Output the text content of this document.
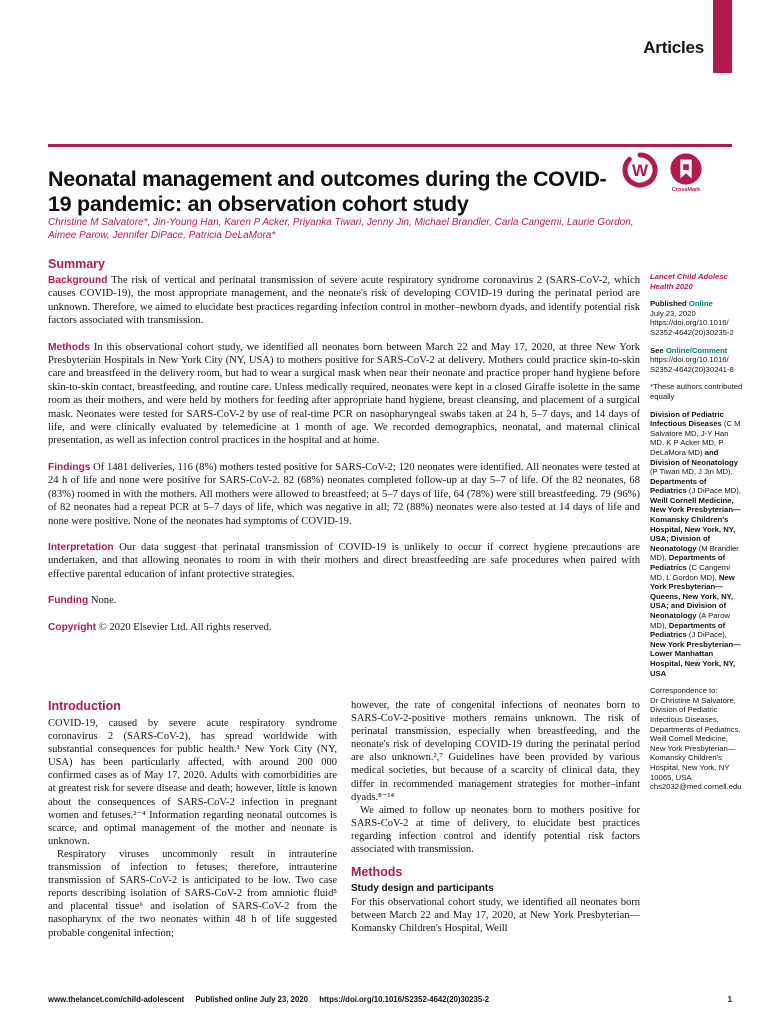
Articles
Neonatal management and outcomes during the COVID-19 pandemic: an observation cohort study
W
CrossMark
Christine M Salvatore*, Jin-Young Han, Karen P Acker, Priyanka Tiwari, Jenny Jin, Michael Brandler, Carla Cangemi, Laurie Gordon, Aimee Parow, Jennifer DiPace, Patricia DeLaMora*
Summary

Background The risk of vertical and perinatal transmission of severe acute respiratory syndrome coronavirus 2 (SARS-CoV-2, which causes COVID-19), the most appropriate management, and the neonate's risk of developing COVID-19 during the perinatal period are unknown. Therefore, we aimed to elucidate best practices regarding infection control in mother–newborn dyads, and identify potential risk factors associated with transmission.

Methods In this observational cohort study, we identified all neonates born between March 22 and May 17, 2020, at three New York Presbyterian Hospitals in New York City (NY, USA) to mothers positive for SARS-CoV-2 at delivery. Mothers could practice skin-to-skin care and breastfeed in the delivery room, but had to wear a surgical mask when near their neonate and practice proper hand hygiene before skin-to-skin contact, breastfeeding, and routine care. Unless medically required, neonates were kept in a closed Giraffe isolette in the same room as their mothers, and were held by mothers for feeding after appropriate hand hygiene, breast cleansing, and placement of a surgical mask. Neonates were tested for SARS-CoV-2 by use of real-time PCR on nasopharyngeal swabs taken at 24 h, 5–7 days, and 14 days of life, and were clinically evaluated by telemedicine at 1 month of age. We recorded demographics, neonatal, and maternal clinical presentation, as well as infection control practices in the hospital and at home.

Findings Of 1481 deliveries, 116 (8%) mothers tested positive for SARS-CoV-2; 120 neonates were identified. All neonates were tested at 24 h of life and none were positive for SARS-CoV-2. 82 (68%) neonates completed follow-up at day 5–7 of life. Of the 82 neonates, 68 (83%) roomed in with the mothers. All mothers were allowed to breastfeed; at 5–7 days of life, 64 (78%) were still breastfeeding. 79 (96%) of 82 neonates had a repeat PCR at 5–7 days of life, which was negative in all; 72 (88%) neonates were also tested at 14 days of life and none were positive. None of the neonates had symptoms of COVID-19.

Interpretation Our data suggest that perinatal transmission of COVID-19 is unlikely to occur if correct hygiene precautions are undertaken, and that allowing neonates to room in with their mothers and direct breastfeeding are safe procedures when paired with effective parental education of infant protective strategies.

Funding None.

Copyright © 2020 Elsevier Ltd. All rights reserved.

Lancet Child Adolesc Health 2020
Published Online
July 23, 2020
https://doi.org/10.1016/
S2352-4642(20)30235-2
See Online/Comment
https://doi.org/10.1016/
S2352-4642(20)30241-8
*These authors contributed equally
Division of Pediatric Infectious Diseases (C M Salvatore MD, J-Y Han MD, K P Acker MD, P DeLaMora MD) and Division of Neonatology (P Tiwari MD, J Jin MD), Departments of Pediatrics (J DiPace MD), Weill Cornell Medicine, New York Presbyterian—Komansky Children's Hospital, New York, NY, USA; Division of Neonatology (M Brandler MD), Departments of Pediatrics (C Cangemi MD, L Gordon MD), New York Presbyterian—Queens, New York, NY, USA; and Division of Neonatology (A Parow MD), Departments of Pediatrics (J DiPace), New York Presbyterian—Lower Manhattan Hospital, New York, NY, USA
Correspondence to:
Dr Christine M Salvatore, Division of Pediatric Infectious Diseases, Departments of Pediatrics, Weill Cornell Medicine, New York Presbyterian—Komansky Children's Hospital, New York, NY 10065, USA
chs2032@med.cornell.edu
Introduction

COVID-19, caused by severe acute respiratory syndrome coronavirus 2 (SARS-CoV-2), has spread worldwide with substantial consequences for public health.¹ New York City (NY, USA) has been particularly affected, with around 200 000 confirmed cases as of May 17, 2020. Adults with comorbidities are at greatest risk for severe disease and death; however, little is known about the consequences of SARS-CoV-2 infection in pregnant women and fetuses.²⁻⁴ Information regarding neonatal outcomes is scarce, and optimal management of the mother and neonate is unknown.

Respiratory viruses uncommonly result in intrauterine transmission of infection to fetuses; therefore, intrauterine transmission of SARS-CoV-2 is anticipated to be low. Two case reports describing isolation of SARS-CoV-2 from amniotic fluid⁵ and placental tissue⁶ and isolation of SARS-CoV-2 from the nasopharynx of the two neonates within 48 h of life suggested probable congenital infection;

however, the rate of congenital infections of neonates born to SARS-CoV-2-positive mothers remains unknown. The risk of perinatal transmission, especially when breastfeeding, and the neonate's risk of developing COVID-19 during the perinatal period are also unknown.²,⁷ Guidelines have been provided by various medical societies, but because of a scarcity of clinical data, they differ in recommended management strategies for mother–infant dyads.⁸⁻¹⁴

We aimed to follow up neonates born to mothers positive for SARS-CoV-2 at time of delivery, to elucidate best practices regarding infection control and identify potential risk factors associated with transmission.

Methods
Study design and participants

For this observational cohort study, we identified all neonates born between March 22 and May 17, 2020, at New York Presbyterian—Komansky Children's Hospital, Weill

www.thelancet.com/child-adolescent Published online July 23, 2020 https://doi.org/10.1016/S2352-4642(20)30235-2	1
